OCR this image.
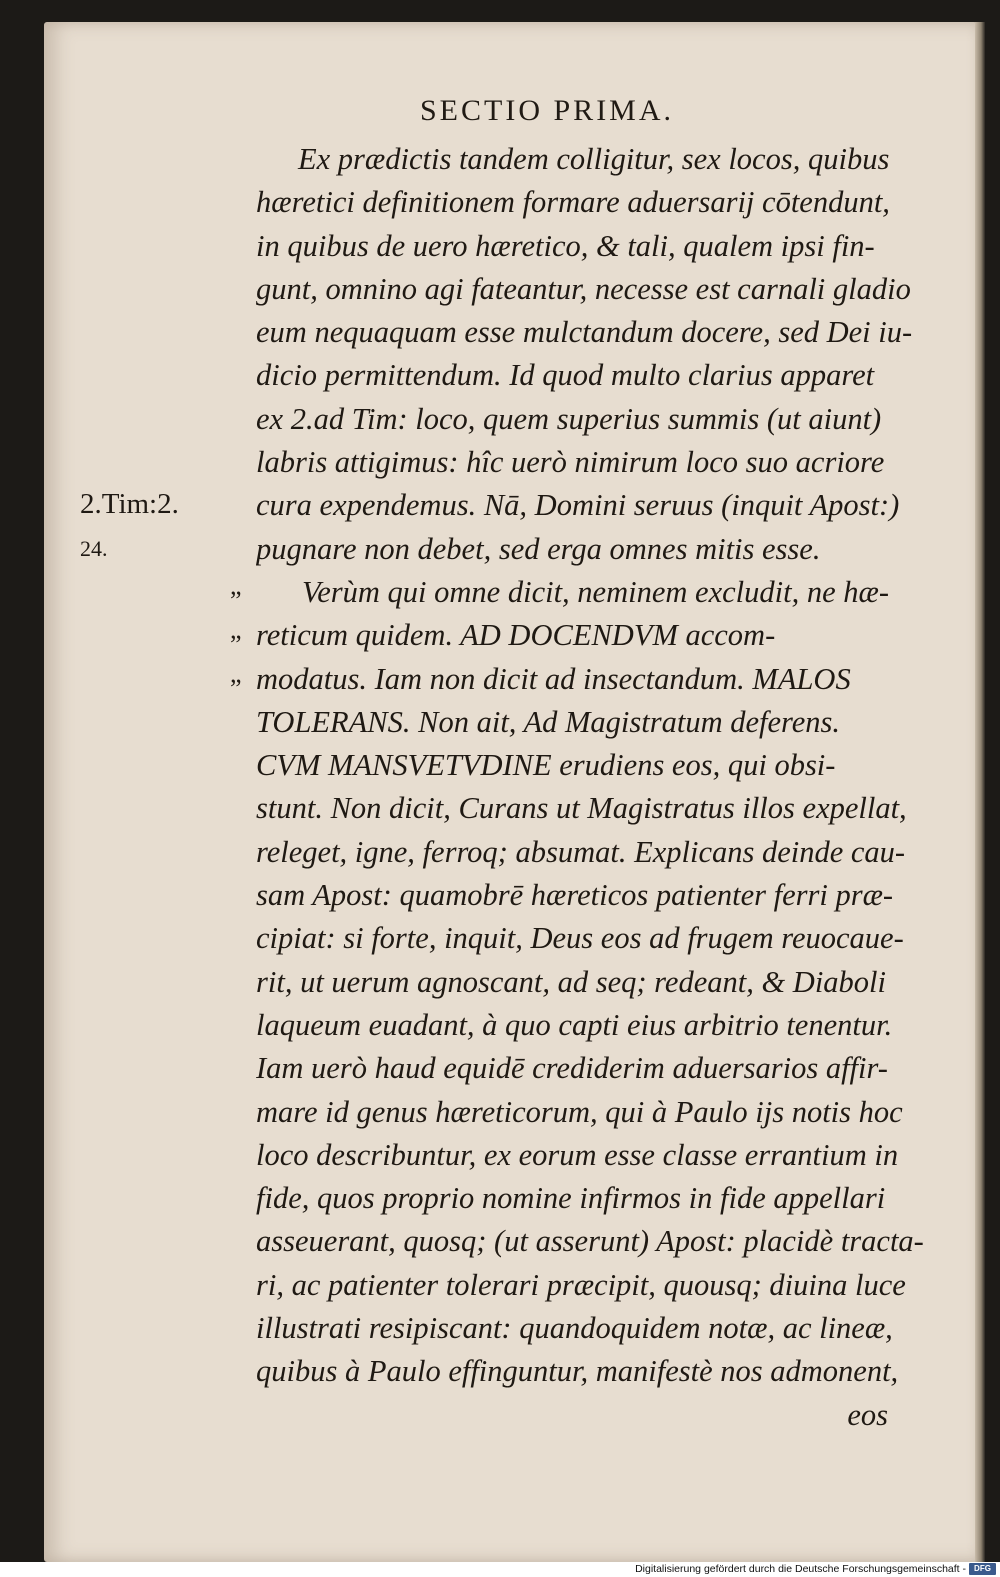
SECTIO PRIMA.
2.Tim:2.
24.
”
”
”
Ex prædictis tandem colligitur, sex locos, quibus
hæretici definitionem formare aduersarij cōtendunt,
in quibus de uero hæretico, & tali, qualem ipsi fin-
gunt, omnino agi fateantur, necesse est carnali gladio
eum nequaquam esse mulctandum docere, sed Dei iu-
dicio permittendum. Id quod multo clarius apparet
ex 2.ad Tim: loco, quem superius summis (ut aiunt)
labris attigimus: hîc uerò nimirum loco suo acriore
cura expendemus. Nā, Domini seruus (inquit Apost:)
pugnare non debet, sed erga omnes mitis esse.
Verùm qui omne dicit, neminem excludit, ne hæ-
reticum quidem. AD DOCENDVM accom-
modatus. Iam non dicit ad insectandum. MALOS
TOLERANS. Non ait, Ad Magistratum deferens.
CVM MANSVETVDINE erudiens eos, qui obsi-
stunt. Non dicit, Curans ut Magistratus illos expellat,
releget, igne, ferroq; absumat. Explicans deinde cau-
sam Apost: quamobrē hæreticos patienter ferri præ-
cipiat: si forte, inquit, Deus eos ad frugem reuocaue-
rit, ut uerum agnoscant, ad seq; redeant, & Diaboli
laqueum euadant, à quo capti eius arbitrio tenentur.
Iam uerò haud equidē crediderim aduersarios affir-
mare id genus hæreticorum, qui à Paulo ijs notis hoc
loco describuntur, ex eorum esse classe errantium in
fide, quos proprio nomine infirmos in fide appellari
asseuerant, quosq; (ut asserunt) Apost: placidè tracta-
ri, ac patienter tolerari præcipit, quousq; diuina luce
illustrati resipiscant: quandoquidem notæ, ac lineæ,
quibus à Paulo effinguntur, manifestè nos admonent,
eos
Digitalisierung gefördert durch die Deutsche Forschungsgemeinschaft -	DFG
